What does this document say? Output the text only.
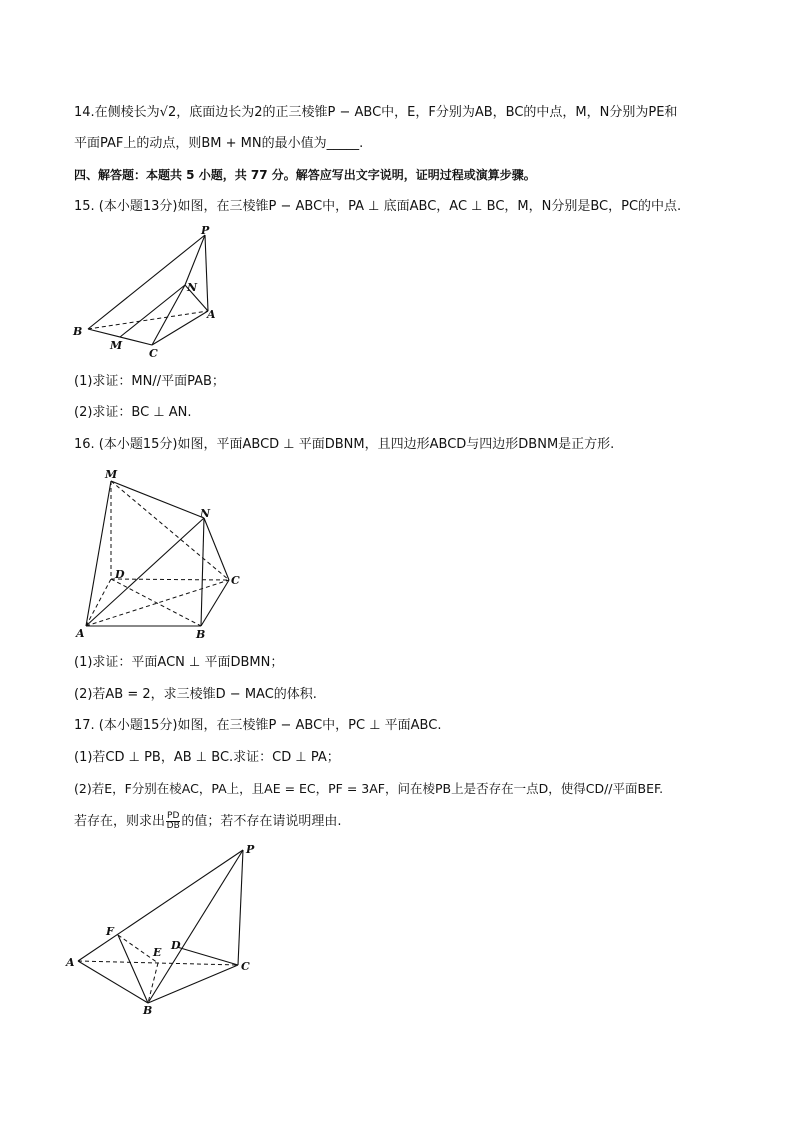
14.在侧棱长为√2，底面边长为2的正三棱锥P − ABC中，E，F分别为AB，BC的中点，M，N分别为PE和
平面PAF上的动点，则BM + MN的最小值为_____.
四、解答题：本题共 5 小题，共 77 分。解答应写出文字说明，证明过程或演算步骤。
15. (本小题13分)如图，在三棱锥P − ABC中，PA ⊥ 底面ABC，AC ⊥ BC，M，N分别是BC，PC的中点.
P
N
A
B
M
C
(1)求证：MN//平面PAB；
(2)求证：BC ⊥ AN.
16. (本小题15分)如图，平面ABCD ⊥ 平面DBNM，且四边形ABCD与四边形DBNM是正方形.
M
N
D	C
A	B
(1)求证：平面ACN ⊥ 平面DBMN；
(2)若AB = 2，求三棱锥D − MAC的体积.
17. (本小题15分)如图，在三棱锥P − ABC中，PC ⊥ 平面ABC.
(1)若CD ⊥ PB，AB ⊥ BC.求证：CD ⊥ PA；
(2)若E，F分别在棱AC，PA上，且AE = EC，PF = 3AF，问在棱PB上是否存在一点D，使得CD//平面BEF.
若存在，则求出 $\frac{PD}{DB}$ 的值；若不存在请说明理由.
P
F
D
E
A	C
B
